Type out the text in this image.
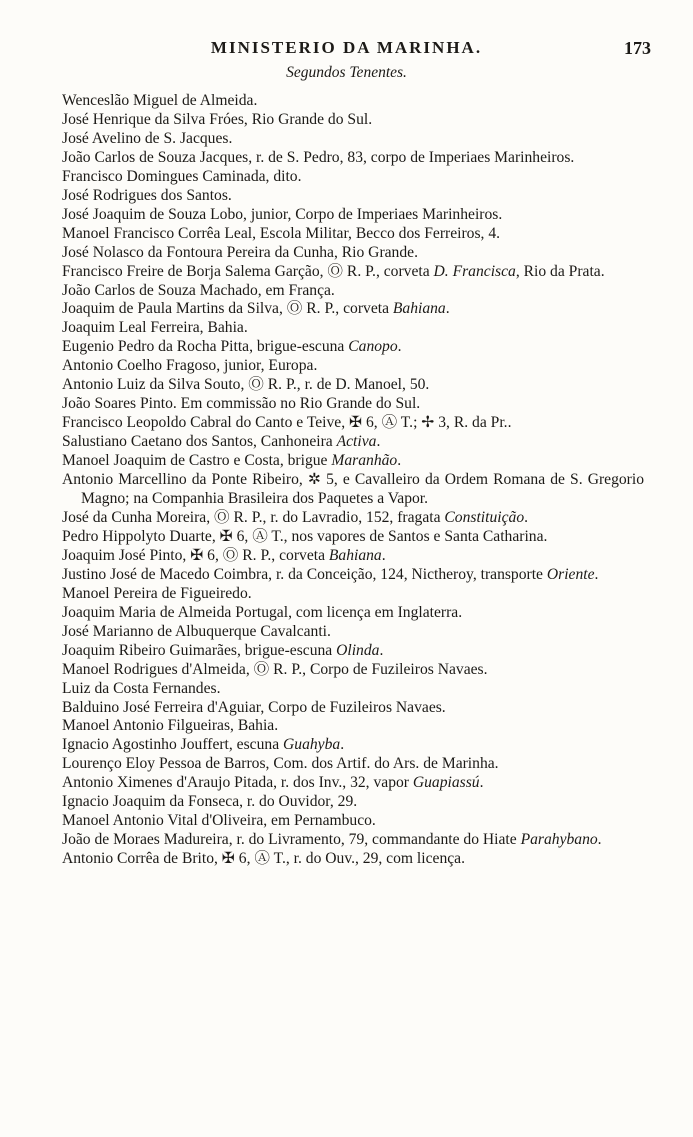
MINISTERIO DA MARINHA.	173
Segundos Tenentes.
Wenceslão Miguel de Almeida.
José Henrique da Silva Fróes, Rio Grande do Sul.
José Avelino de S. Jacques.
João Carlos de Souza Jacques, r. de S. Pedro, 83, corpo de Imperiaes Marinheiros.
Francisco Domingues Caminada, dito.
José Rodrigues dos Santos.
José Joaquim de Souza Lobo, junior, Corpo de Imperiaes Marinheiros.
Manoel Francisco Corrêa Leal, Escola Militar, Becco dos Ferreiros, 4.
José Nolasco da Fontoura Pereira da Cunha, Rio Grande.
Francisco Freire de Borja Salema Garção, Ⓞ R. P., corveta D. Francisca, Rio da Prata.
João Carlos de Souza Machado, em França.
Joaquim de Paula Martins da Silva, Ⓞ R. P., corveta Bahiana.
Joaquim Leal Ferreira, Bahia.
Eugenio Pedro da Rocha Pitta, brigue-escuna Canopo.
Antonio Coelho Fragoso, junior, Europa.
Antonio Luiz da Silva Souto, Ⓞ R. P., r. de D. Manoel, 50.
João Soares Pinto. Em commissão no Rio Grande do Sul.
Francisco Leopoldo Cabral do Canto e Teive, ✠ 6, Ⓐ T.; ✢ 3, R. da Pr..
Salustiano Caetano dos Santos, Canhoneira Activa.
Manoel Joaquim de Castro e Costa, brigue Maranhão.
Antonio Marcellino da Ponte Ribeiro, ✲ 5, e Cavalleiro da Ordem Romana de S. Gregorio Magno; na Companhia Brasileira dos Paquetes a Vapor.
José da Cunha Moreira, Ⓞ R. P., r. do Lavradio, 152, fragata Constituição.
Pedro Hippolyto Duarte, ✠ 6, Ⓐ T., nos vapores de Santos e Santa Catharina.
Joaquim José Pinto, ✠ 6, Ⓞ R. P., corveta Bahiana.
Justino José de Macedo Coimbra, r. da Conceição, 124, Nictheroy, transporte Oriente.
Manoel Pereira de Figueiredo.
Joaquim Maria de Almeida Portugal, com licença em Inglaterra.
José Marianno de Albuquerque Cavalcanti.
Joaquim Ribeiro Guimarães, brigue-escuna Olinda.
Manoel Rodrigues d'Almeida, Ⓞ R. P., Corpo de Fuzileiros Navaes.
Luiz da Costa Fernandes.
Balduino José Ferreira d'Aguiar, Corpo de Fuzileiros Navaes.
Manoel Antonio Filgueiras, Bahia.
Ignacio Agostinho Jouffert, escuna Guahyba.
Lourenço Eloy Pessoa de Barros, Com. dos Artif. do Ars. de Marinha.
Antonio Ximenes d'Araujo Pitada, r. dos Inv., 32, vapor Guapiassú.
Ignacio Joaquim da Fonseca, r. do Ouvidor, 29.
Manoel Antonio Vital d'Oliveira, em Pernambuco.
João de Moraes Madureira, r. do Livramento, 79, commandante do Hiate Parahybano.
Antonio Corrêa de Brito, ✠ 6, Ⓐ T., r. do Ouv., 29, com licença.
